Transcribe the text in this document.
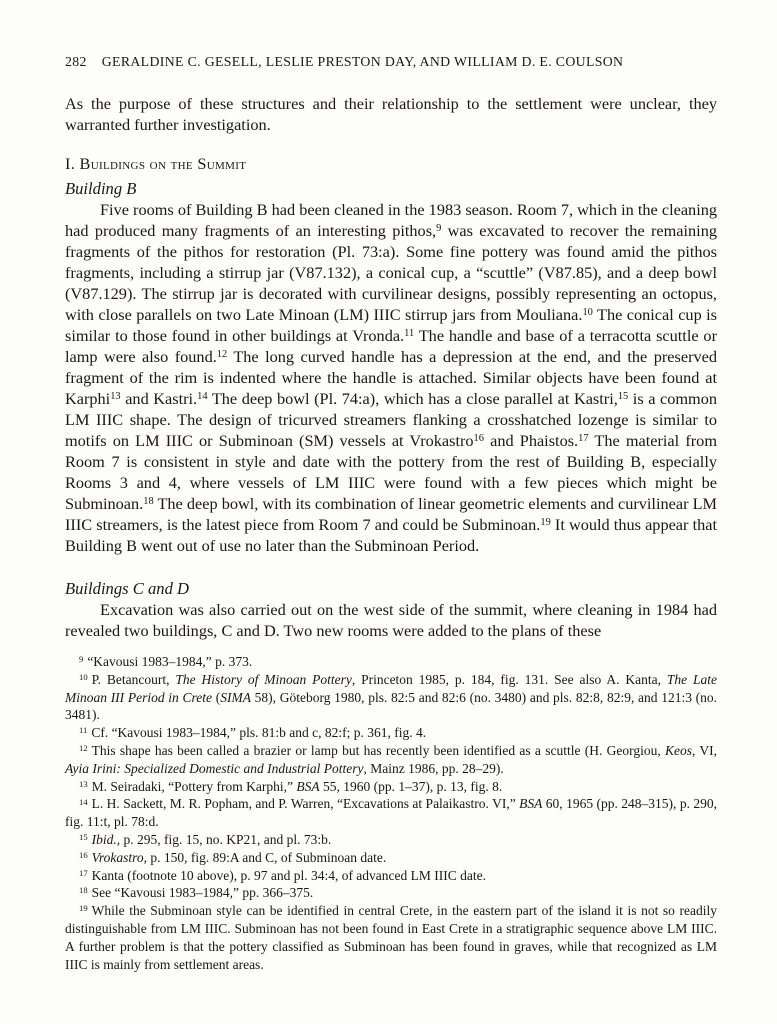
282 GERALDINE C. GESELL, LESLIE PRESTON DAY, AND WILLIAM D. E. COULSON

As the purpose of these structures and their relationship to the settlement were unclear, they warranted further investigation.

I. Buildings on the Summit
Building B

Five rooms of Building B had been cleaned in the 1983 season. Room 7, which in the cleaning had produced many fragments of an interesting pithos,$^9$ was excavated to recover the remaining fragments of the pithos for restoration (Pl. 73:a). Some fine pottery was found amid the pithos fragments, including a stirrup jar (V87.132), a conical cup, a “scuttle” (V87.85), and a deep bowl (V87.129). The stirrup jar is decorated with curvilinear designs, possibly representing an octopus, with close parallels on two Late Minoan (LM) IIIC stirrup jars from Mouliana.$^{10}$ The conical cup is similar to those found in other buildings at Vronda.$^{11}$ The handle and base of a terracotta scuttle or lamp were also found.$^{12}$ The long curved handle has a depression at the end, and the preserved fragment of the rim is indented where the handle is attached. Similar objects have been found at Karphi$^{13}$ and Kastri.$^{14}$ The deep bowl (Pl. 74:a), which has a close parallel at Kastri,$^{15}$ is a common LM IIIC shape. The design of tricurved streamers flanking a crosshatched lozenge is similar to motifs on LM IIIC or Subminoan (SM) vessels at Vrokastro$^{16}$ and Phaistos.$^{17}$ The material from Room 7 is consistent in style and date with the pottery from the rest of Building B, especially Rooms 3 and 4, where vessels of LM IIIC were found with a few pieces which might be Subminoan.$^{18}$ The deep bowl, with its combination of linear geometric elements and curvilinear LM IIIC streamers, is the latest piece from Room 7 and could be Subminoan.$^{19}$ It would thus appear that Building B went out of use no later than the Subminoan Period.

Buildings C and D

Excavation was also carried out on the west side of the summit, where cleaning in 1984 had revealed two buildings, C and D. Two new rooms were added to the plans of these

$^9$ “Kavousi 1983–1984,” p. 373.

$^{10}$ P. Betancourt, The History of Minoan Pottery, Princeton 1985, p. 184, fig. 131. See also A. Kanta, The Late Minoan III Period in Crete (SIMA 58), Göteborg 1980, pls. 82:5 and 82:6 (no. 3480) and pls. 82:8, 82:9, and 121:3 (no. 3481).

$^{11}$ Cf. “Kavousi 1983–1984,” pls. 81:b and c, 82:f; p. 361, fig. 4.

$^{12}$ This shape has been called a brazier or lamp but has recently been identified as a scuttle (H. Georgiou, Keos, VI, Ayia Irini: Specialized Domestic and Industrial Pottery, Mainz 1986, pp. 28–29).

$^{13}$ M. Seiradaki, “Pottery from Karphi,” BSA 55, 1960 (pp. 1–37), p. 13, fig. 8.

$^{14}$ L. H. Sackett, M. R. Popham, and P. Warren, “Excavations at Palaikastro. VI,” BSA 60, 1965 (pp. 248–315), p. 290, fig. 11:t, pl. 78:d.

$^{15}$ Ibid., p. 295, fig. 15, no. KP21, and pl. 73:b.

$^{16}$ Vrokastro, p. 150, fig. 89:A and C, of Subminoan date.

$^{17}$ Kanta (footnote 10 above), p. 97 and pl. 34:4, of advanced LM IIIC date.

$^{18}$ See “Kavousi 1983–1984,” pp. 366–375.

$^{19}$ While the Subminoan style can be identified in central Crete, in the eastern part of the island it is not so readily distinguishable from LM IIIC. Subminoan has not been found in East Crete in a stratigraphic sequence above LM IIIC. A further problem is that the pottery classified as Subminoan has been found in graves, while that recognized as LM IIIC is mainly from settlement areas.
